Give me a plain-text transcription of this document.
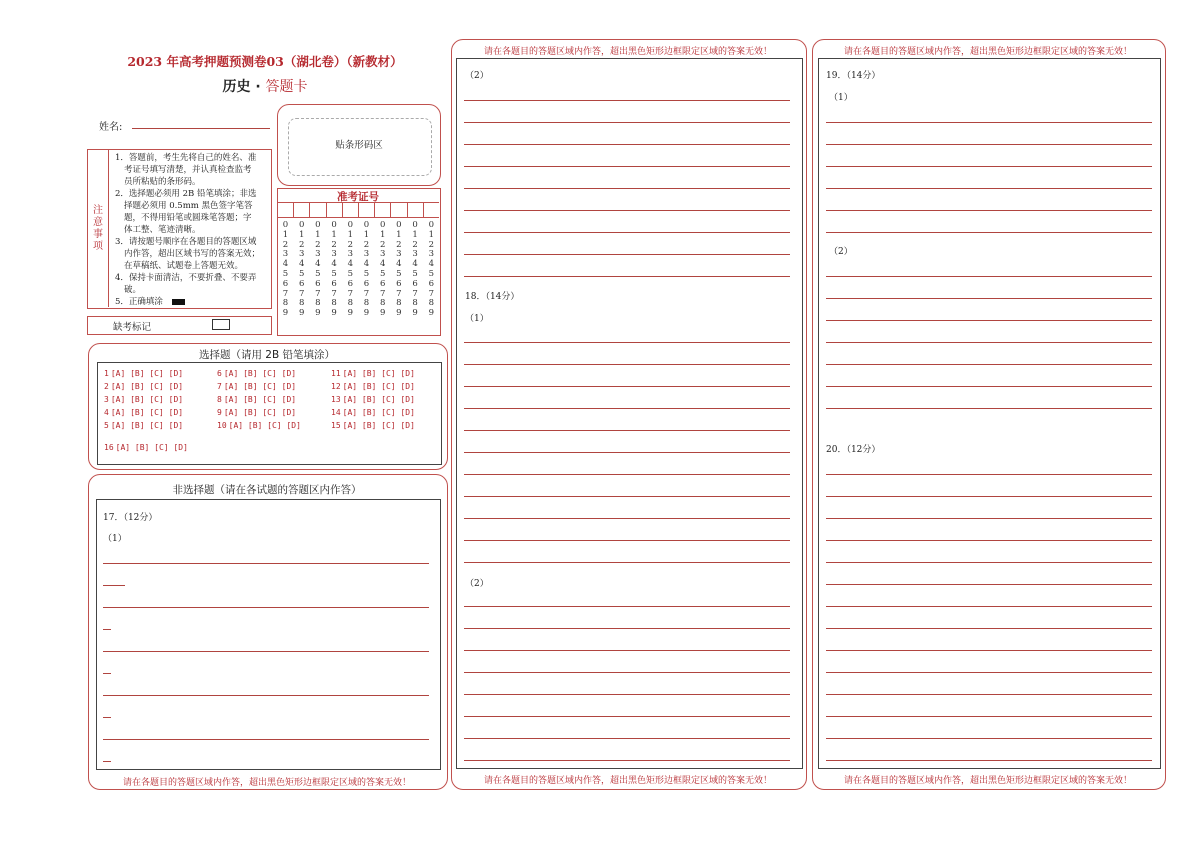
2023 年高考押题预测卷03（湖北卷）（新教材）
历史 · 答题卡
姓名:
贴条形码区
注
意
事
项
1．答题前，考生先将自己的姓名、准
考证号填写清楚，并认真检查监考
员所粘贴的条形码。
2．选择题必须用 2B 铅笔填涂；非选
择题必须用 0.5mm 黑色签字笔答
题，不得用铅笔或圆珠笔答题；字
体工整、笔迹清晰。
3．请按题号顺序在各题目的答题区域
内作答，超出区域书写的答案无效；
在草稿纸、试题卷上答题无效。
4．保持卡面清洁，不要折叠、不要弄
破。
5．正确填涂
缺考标记
准考证号
0
1
2
3
4
5
6
7
8
9
0
1
2
3
4
5
6
7
8
9
0
1
2
3
4
5
6
7
8
9
0
1
2
3
4
5
6
7
8
9
0
1
2
3
4
5
6
7
8
9
0
1
2
3
4
5
6
7
8
9
0
1
2
3
4
5
6
7
8
9
0
1
2
3
4
5
6
7
8
9
0
1
2
3
4
5
6
7
8
9
0
1
2
3
4
5
6
7
8
9
选择题（请用 2B 铅笔填涂）
1 [A] [B] [C] [D]
2 [A] [B] [C] [D]
3 [A] [B] [C] [D]
4 [A] [B] [C] [D]
5 [A] [B] [C] [D]
6 [A] [B] [C] [D]
7 [A] [B] [C] [D]
8 [A] [B] [C] [D]
9 [A] [B] [C] [D]
10 [A] [B] [C] [D]
11 [A] [B] [C] [D]
12 [A] [B] [C] [D]
13 [A] [B] [C] [D]
14 [A] [B] [C] [D]
15 [A] [B] [C] [D]
16 [A] [B] [C] [D]
非选择题（请在各试题的答题区内作答）
17．（12分）
（1）
请在各题目的答题区域内作答，超出黑色矩形边框限定区域的答案无效！
请在各题目的答题区域内作答，超出黑色矩形边框限定区域的答案无效！
（2）
18．（14分）
（1）
（2）
请在各题目的答题区域内作答，超出黑色矩形边框限定区域的答案无效！
请在各题目的答题区域内作答，超出黑色矩形边框限定区域的答案无效！
19．（14分）
（1）
（2）
20．（12分）
请在各题目的答题区域内作答，超出黑色矩形边框限定区域的答案无效！
